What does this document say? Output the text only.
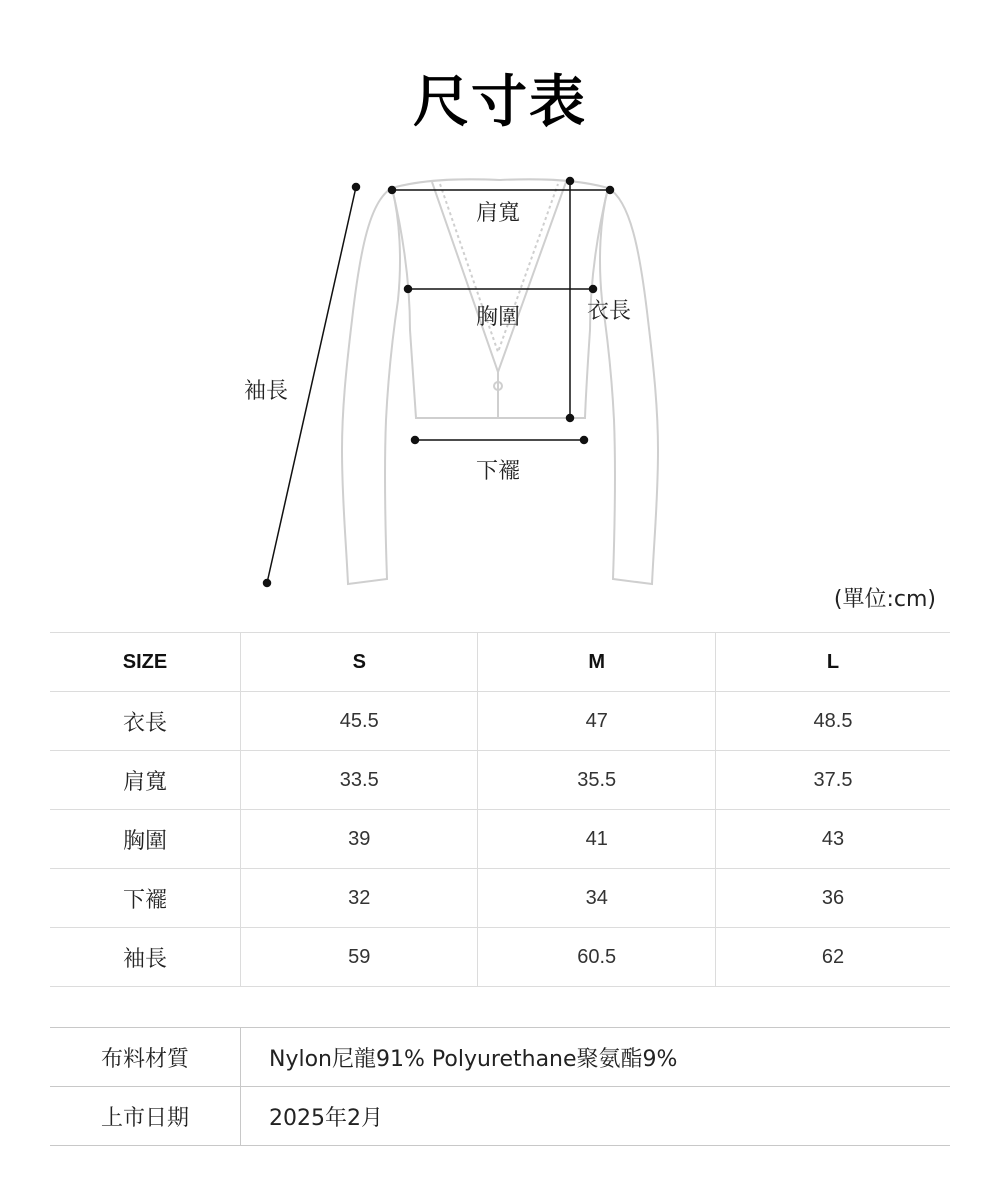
尺寸表
肩寬
胸圍	衣長
袖長
下襬
(單位:cm)
SIZE	S	M	L
衣長	45.5	47	48.5
肩寬	33.5	35.5	37.5
胸圍	39	41	43
下襬	32	34	36
袖長	59	60.5	62
布料材質	Nylon尼龍91% Polyurethane聚氨酯9%
上市日期	2025年2月
